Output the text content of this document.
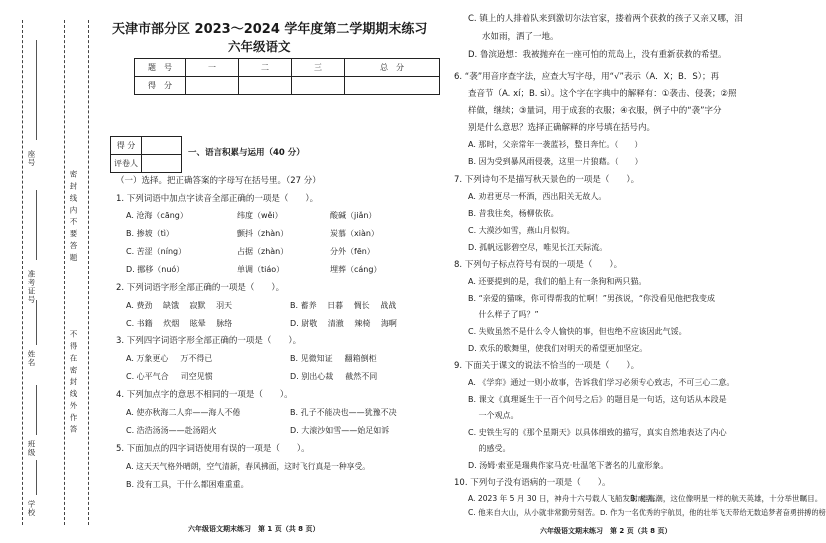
座号
准考证号
姓名
班级
学校
密 封 线 内 不 要 答 题
不 得 在 密 封 线 外 作 答
天津市部分区 2023～2024 学年度第二学期期末练习
六年级语文
题　号	一	二	三	总　分
得　分				
得 分	
评卷人	
一、语言积累与运用（40 分）
（一）选择。把正确答案的字母写在括号里。（27 分）
1. 下列词语中加点字读音全部正确的一项是（　　）。
A. 沧海（cāng）	纬度（wěi）	酸碱（jiǎn）
B. 掺坡（tì）	颤抖（zhàn）	炭慕（xiàn）
C. 苦涩（níng）	占据（zhàn）	分外（fēn）
D. 挪移（nuó）	单调（tiáo）	埋葬（cáng）
2. 下列词语字形全部正确的一项是（　　）。
A. 费劲 缺饿 寂默 羽天	B. 蓄养 日暮 惆长 战战
C. 书籍 炊烟 眩晕 脉络	D. 尉敬 清澈 辣椅 海啊
3. 下列四字词语字形全部正确的一项是（　　）。
A. 万象更心 万不得已	B. 见微知证 翻箱倒柜
C. 心平气合 司空见惯	D. 别出心裁 截然不同
4. 下列加点字的意思不相同的一项是（　　）。
A. 使亦秋海二人弈——海人不倦	B. 孔子不能决也——犹豫不决
C. 浩浩汤汤——赴汤蹈火	D. 大滚沙如雪——始足如诉
5. 下面加点的四字词语使用有误的一项是（　　）。
A. 这天天气格外晴朗，空气清新，春风拂面，这时飞行真是一种享受。
B. 没有工具，干什么都困难重重。
六年级语文期末练习　第 1 页（共 8 页）
C. 镇上的人排着队来到激切尔法官家，搂着两个获救的孩子又亲又哪，泪
水如雨，洒了一地。
D. 鲁滨逊想：我被抛弃在一座可怕的荒岛上，没有重新获救的希望。
6. “袭”用音序查字法，应查大写字母，用“√”表示（A．X；B．S）；再
查音节（A. xí；B. sì）。这个字在字典中的解释有：①袭击、侵袭；②照
样做，继续；③量词，用于成套的衣服；④衣服，例子中的“袭”字分
别是什么意思？选择正确解释的序号填在括号内。
A. 那时，父亲常年一袭蓝衫，整日奔忙。（　　）
B. 因为受到暴风雨侵袭，这里一片狼藉。（　　）
7. 下列诗句不是描写秋天景色的一项是（　　）。
A. 劝君更尽一杯酒，西出阳关无故人。
B. 昔我往矣，杨柳依依。
C. 大漠沙如雪，燕山月似钩。
D. 孤帆远影碧空尽，唯见长江天际流。
8. 下列句子标点符号有误的一项是（　　）。
A. 还要提到的是，我们的船上有一条狗和两只猫。
B. “亲爱的猫咪，你可得帮我的忙啊！”男孩说，“你没看见他把我变成
　 什么样子了吗？”
C. 失败虽然不是什么令人愉快的事，但也绝不应该因此气馁。
D. 欢乐的歌舞里，使我们对明天的希望更加坚定。
9. 下面关于课文的说法不恰当的一项是（　　）。
A. 《学弈》通过一则小故事，告诉我们学习必须专心致志，不可三心二意。
B. 课文《真理诞生于一百个问号之后》的题目是一句话，这句话从本段是
　 一个观点。
C. 史铁生写的《那个星期天》以具体细致的描写，真实自然地表达了内心
　 的感受。
D. 汤姆·索亚是瑞典作家马克·吐温笔下著名的儿童形象。
10. 下列句子没有语病的一项是（　　）。
A. 2023 年 5 月 30 日，神舟十六号载人飞船发射成功。
B. 桂海潮，这位像明星一样的航天英雄，十分举世瞩目。
C. 他来自大山，从小就非常勤劳刻苦。 D. 作为一名优秀的宇航员，他的壮举飞天带给无数追梦者奋勇拼搏的榜
六年级语文期末练习　第 2 页（共 8 页）
